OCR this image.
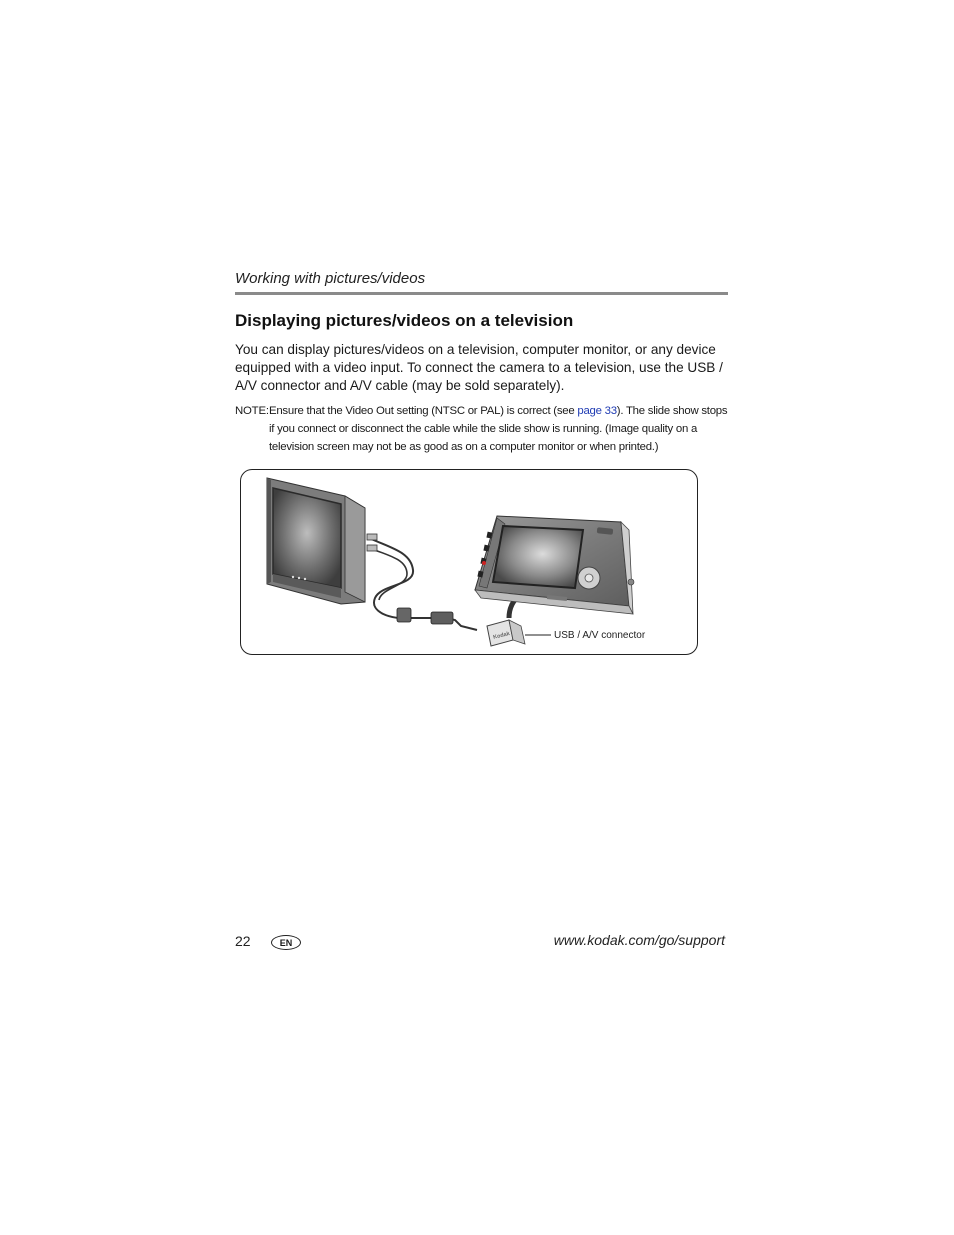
Working with pictures/videos
Displaying pictures/videos on a television

You can display pictures/videos on a television, computer monitor, or any device equipped with a video input. To connect the camera to a television, use the USB / A/V connector and A/V cable (may be sold separately).

NOTE: Ensure that the Video Out setting (NTSC or PAL) is correct (see page 33). The slide show stops if you connect or disconnect the cable while the slide show is running. (Image quality on a television screen may not be as good as on a computer monitor or when printed.)

Kodak	USB / A/V connector
22	EN	www.kodak.com/go/support
